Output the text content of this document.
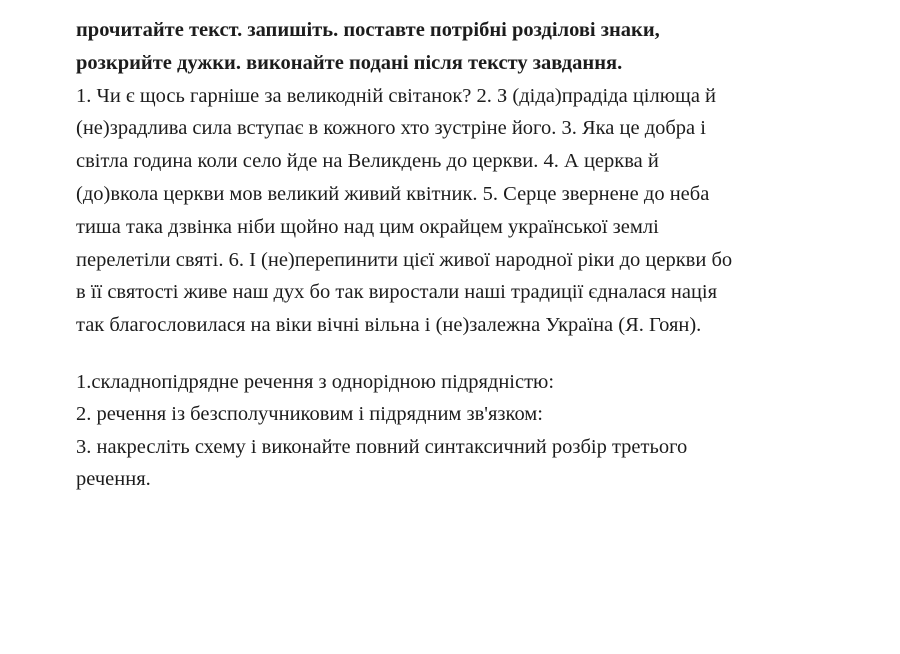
прочитайте текст. запишіть. поставте потрібні розділові знаки,
розкрийте дужки. виконайте подані після тексту завдання.
1. Чи є щось гарніше за великодній світанок? 2. З (діда)прадіда цілюща й
(не)зрадлива сила вступає в кожного хто зустріне його. 3. Яка це добра і
світла година коли село йде на Великдень до церкви. 4. А церква й
(до)вкола церкви мов великий живий квітник. 5. Серце звернене до неба
тиша така дзвінка ніби щойно над цим окрайцем української землі
перелетіли святі. 6. І (не)перепинити цієї живої народної ріки до церкви бо
в її святості живе наш дух бо так виростали наші традиції єдналася нація
так благословилася на віки вічні вільна і (не)залежна Україна (Я. Гоян).
1.складнопідрядне речення з однорідною підрядністю:
2. речення із безсполучниковим і підрядним зв'язком:
3. накресліть схему і виконайте повний синтаксичний розбір третього
речення.
